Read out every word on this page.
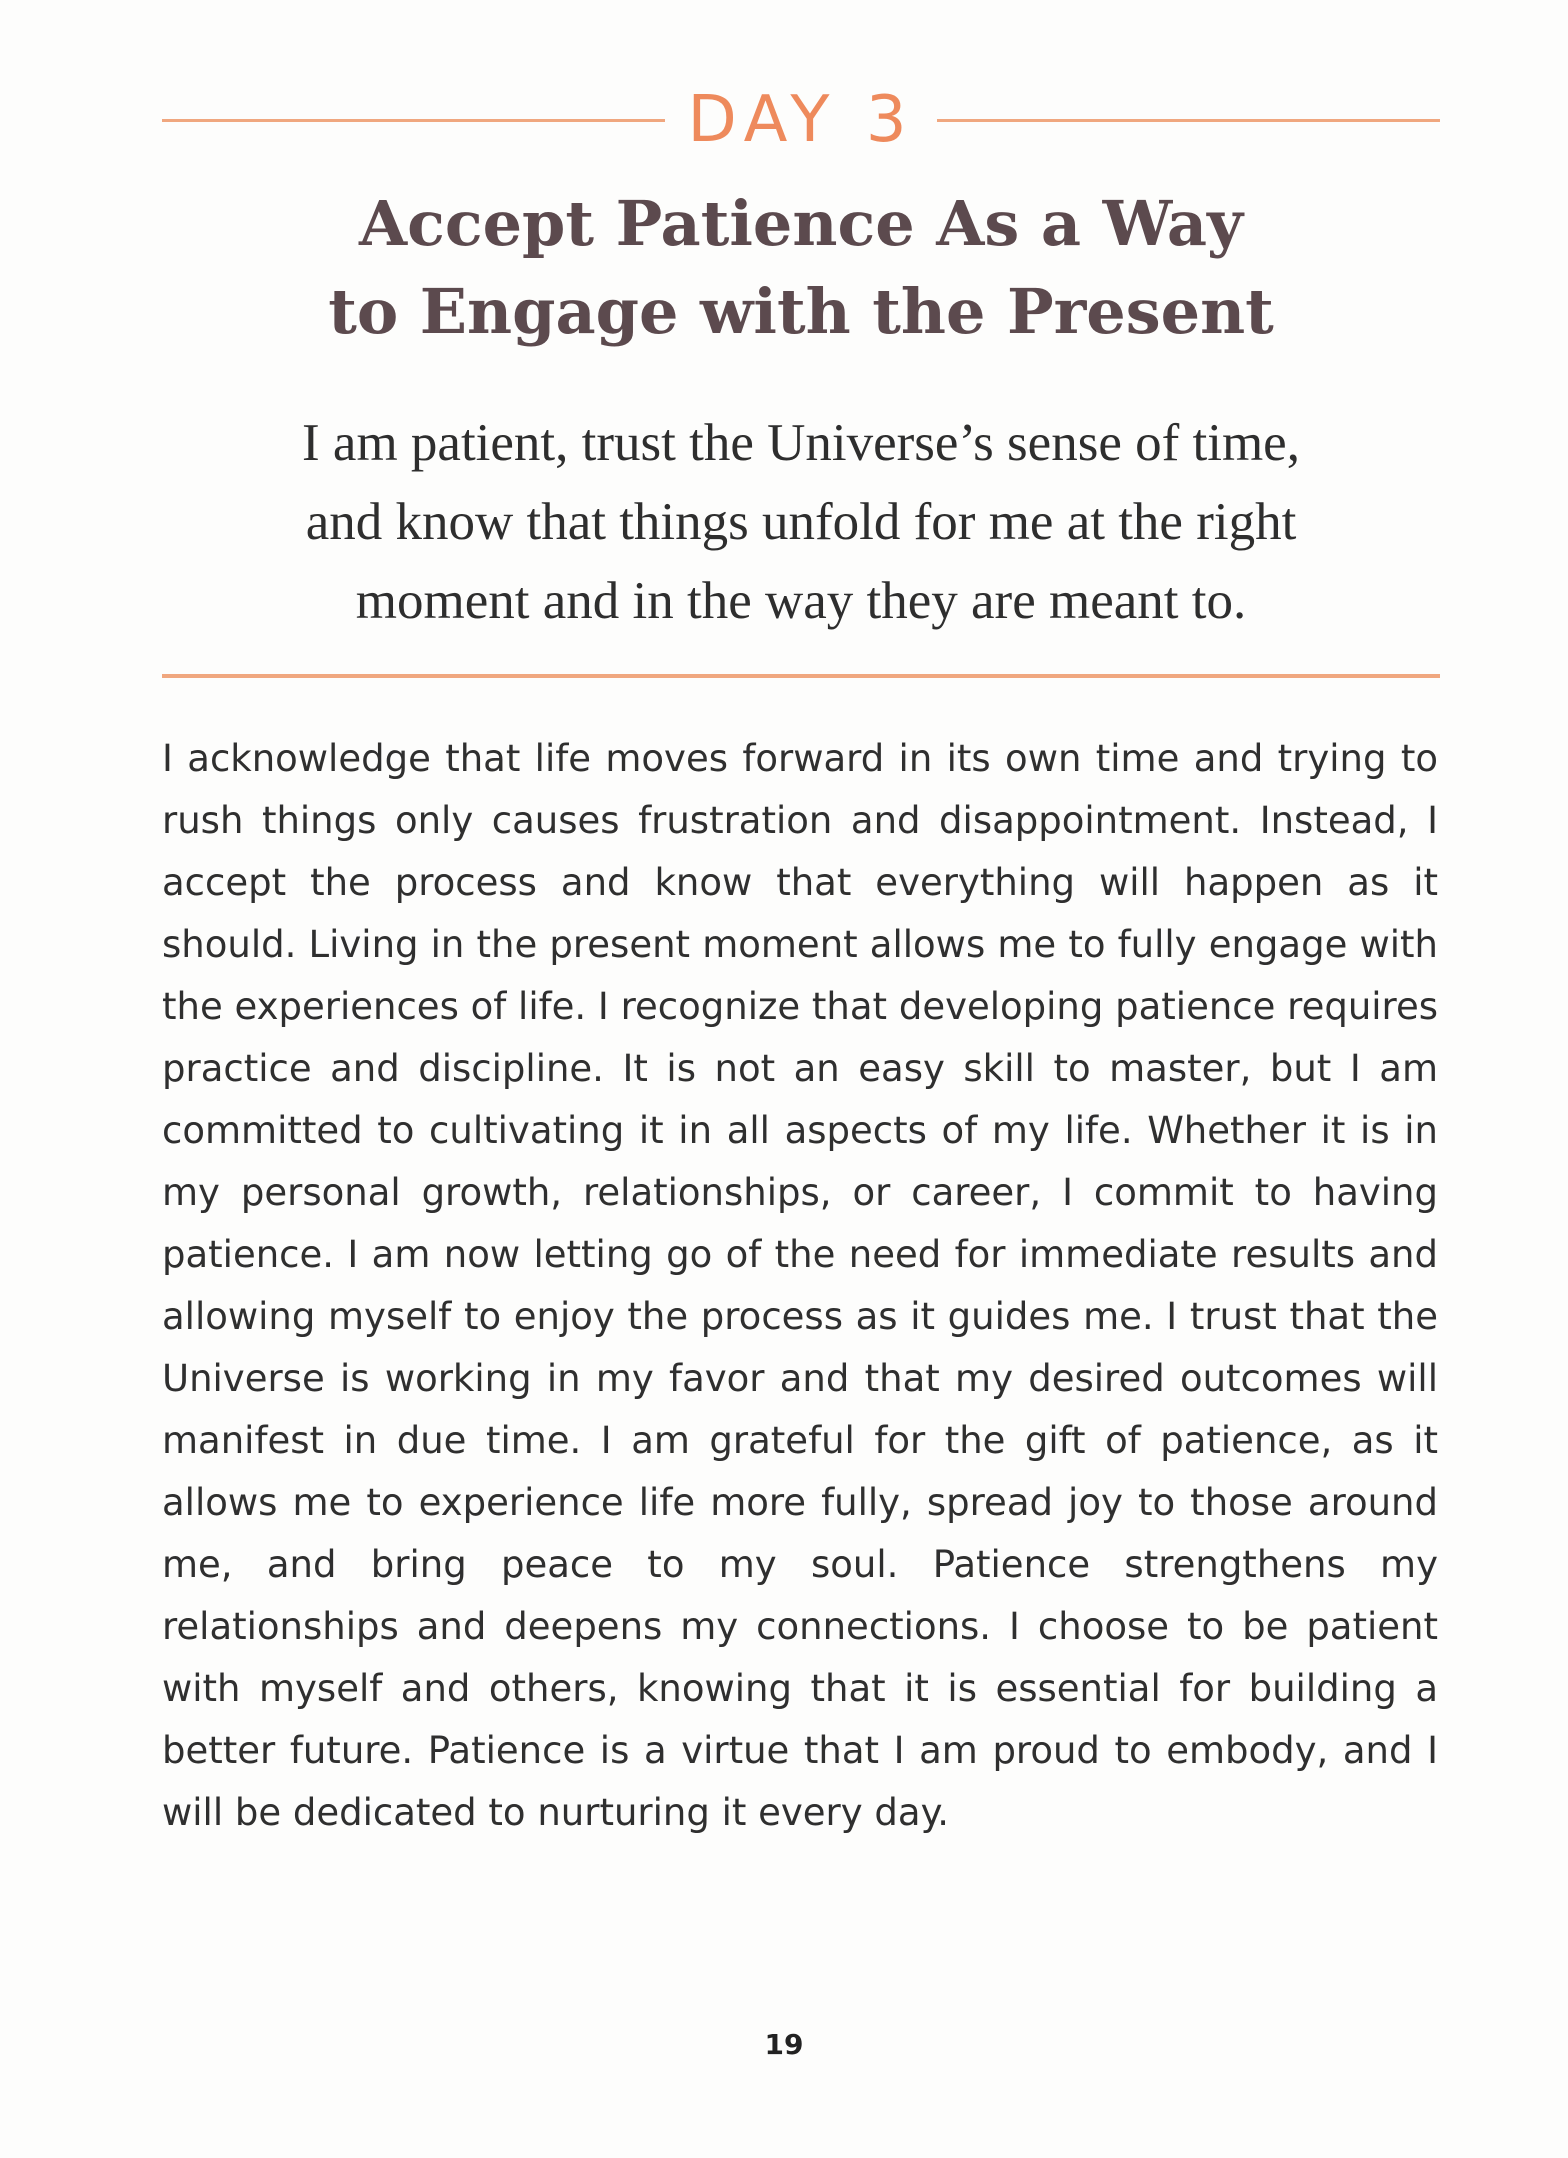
DAY 3
Accept Patience As a Way
to Engage with the Present

I am patient, trust the Universe’s sense of time,
and know that things unfold for me at the right
moment and in the way they are meant to.

I acknowledge that life moves forward in its own time and trying to rush things only causes frustration and disappointment. Instead, I accept the process and know that everything will happen as it should. Living in the present moment allows me to fully engage with the experiences of life. I recognize that developing patience requires practice and discipline. It is not an easy skill to master, but I am committed to cultivating it in all aspects of my life. Whether it is in my personal growth, relationships, or career, I commit to having patience. I am now letting go of the need for immediate results and allowing myself to enjoy the process as it guides me. I trust that the Universe is working in my favor and that my desired outcomes will manifest in due time. I am grateful for the gift of patience, as it allows me to experience life more fully, spread joy to those around me, and bring peace to my soul. Patience strengthens my relationships and deepens my connections. I choose to be patient with myself and others, knowing that it is essential for building a better future. Patience is a virtue that I am proud to embody, and I will be dedicated to nurturing it every day.

19
